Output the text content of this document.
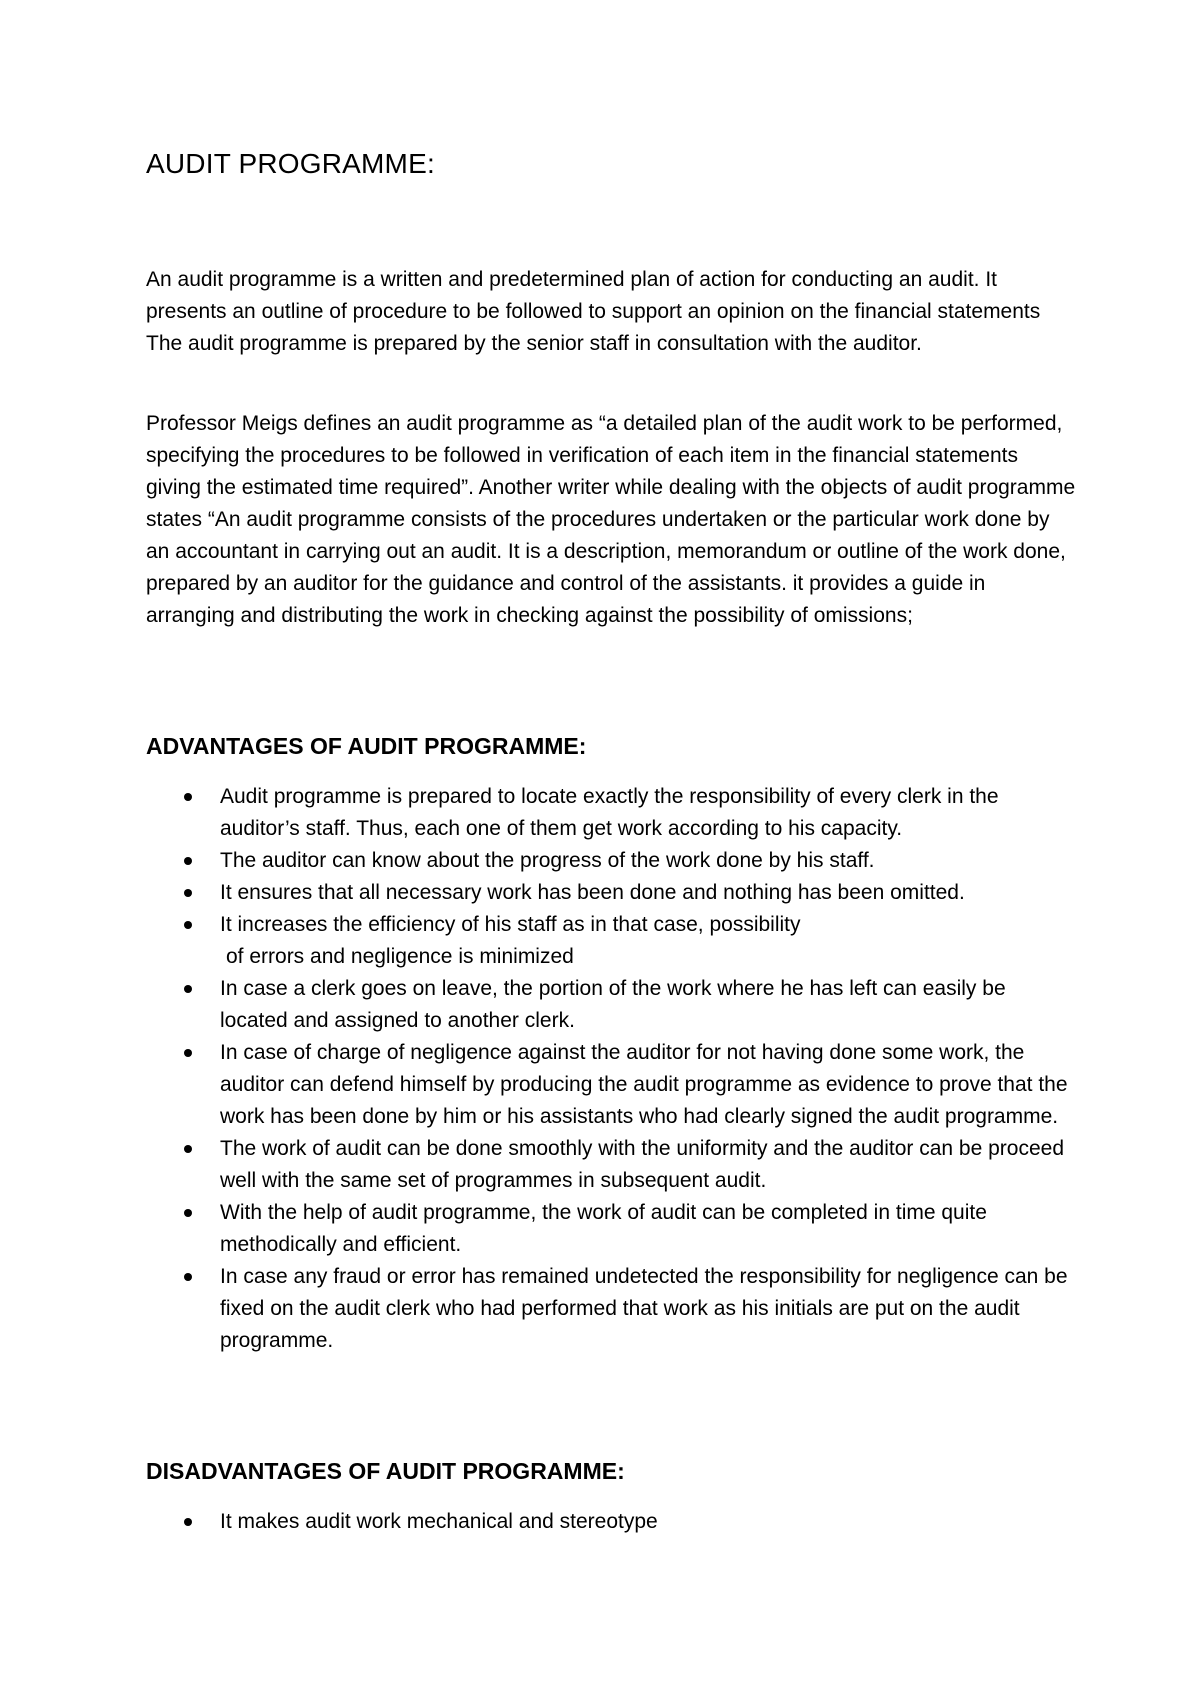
AUDIT PROGRAMME:

An audit programme is a written and predetermined plan of action for conducting an audit. It presents an outline of procedure to be followed to support an opinion on the financial statements The audit programme is prepared by the senior staff in consultation with the auditor.

Professor Meigs defines an audit programme as “a detailed plan of the audit work to be performed, specifying the procedures to be followed in verification of each item in the financial statements giving the estimated time required”. Another writer while dealing with the objects of audit programme states “An audit programme consists of the procedures undertaken or the particular work done by an accountant in carrying out an audit. It is a description, memorandum or outline of the work done, prepared by an auditor for the guidance and control of the assistants. it provides a guide in arranging and distributing the work in checking against the possibility of omissions;

ADVANTAGES OF AUDIT PROGRAMME:
Audit programme is prepared to locate exactly the responsibility of every clerk in the auditor’s staff. Thus, each one of them get work according to his capacity.
The auditor can know about the progress of the work done by his staff.
It ensures that all necessary work has been done and nothing has been omitted.
It increases the efficiency of his staff as in that case, possibility
of errors and negligence is minimized
In case a clerk goes on leave, the portion of the work where he has left can easily be located and assigned to another clerk.
In case of charge of negligence against the auditor for not having done some work, the auditor can defend himself by producing the audit programme as evidence to prove that the work has been done by him or his assistants who had clearly signed the audit programme.
The work of audit can be done smoothly with the uniformity and the auditor can be proceed well with the same set of programmes in subsequent audit.
With the help of audit programme, the work of audit can be completed in time quite methodically and efficient.
In case any fraud or error has remained undetected the responsibility for negligence can be fixed on the audit clerk who had performed that work as his initials are put on the audit programme.
DISADVANTAGES OF AUDIT PROGRAMME:
It makes audit work mechanical and stereotype
